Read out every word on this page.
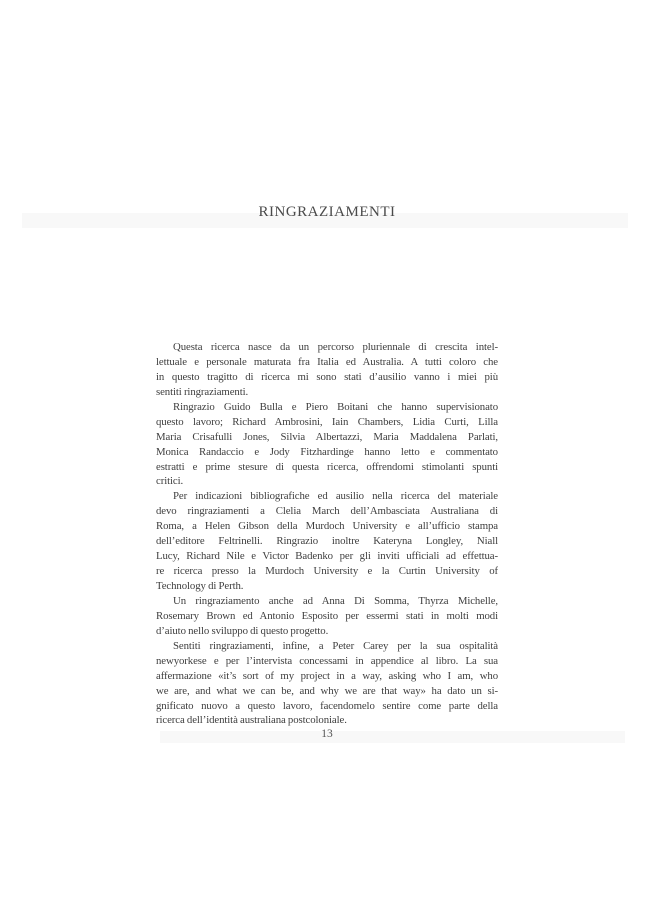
RINGRAZIAMENTI
Questa ricerca nasce da un percorso pluriennale di crescita intel-
lettuale e personale maturata fra Italia ed Australia. A tutti coloro che
in questo tragitto di ricerca mi sono stati d’ausilio vanno i miei più
sentiti ringraziamenti.
Ringrazio Guido Bulla e Piero Boitani che hanno supervisionato
questo lavoro; Richard Ambrosini, Iain Chambers, Lidia Curti, Lilla
Maria Crisafulli Jones, Silvia Albertazzi, Maria Maddalena Parlati,
Monica Randaccio e Jody Fitzhardinge hanno letto e commentato
estratti e prime stesure di questa ricerca, offrendomi stimolanti spunti
critici.
Per indicazioni bibliografiche ed ausilio nella ricerca del materiale
devo ringraziamenti a Clelia March dell’Ambasciata Australiana di
Roma, a Helen Gibson della Murdoch University e all’ufficio stampa
dell’editore Feltrinelli. Ringrazio inoltre Kateryna Longley, Niall
Lucy, Richard Nile e Victor Badenko per gli inviti ufficiali ad effettua-
re ricerca presso la Murdoch University e la Curtin University of
Technology di Perth.
Un ringraziamento anche ad Anna Di Somma, Thyrza Michelle,
Rosemary Brown ed Antonio Esposito per essermi stati in molti modi
d’aiuto nello sviluppo di questo progetto.
Sentiti ringraziamenti, infine, a Peter Carey per la sua ospitalità
newyorkese e per l’intervista concessami in appendice al libro. La sua
affermazione «it’s sort of my project in a way, asking who I am, who
we are, and what we can be, and why we are that way» ha dato un si-
gnificato nuovo a questo lavoro, facendomelo sentire come parte della
ricerca dell’identità australiana postcoloniale.
13
